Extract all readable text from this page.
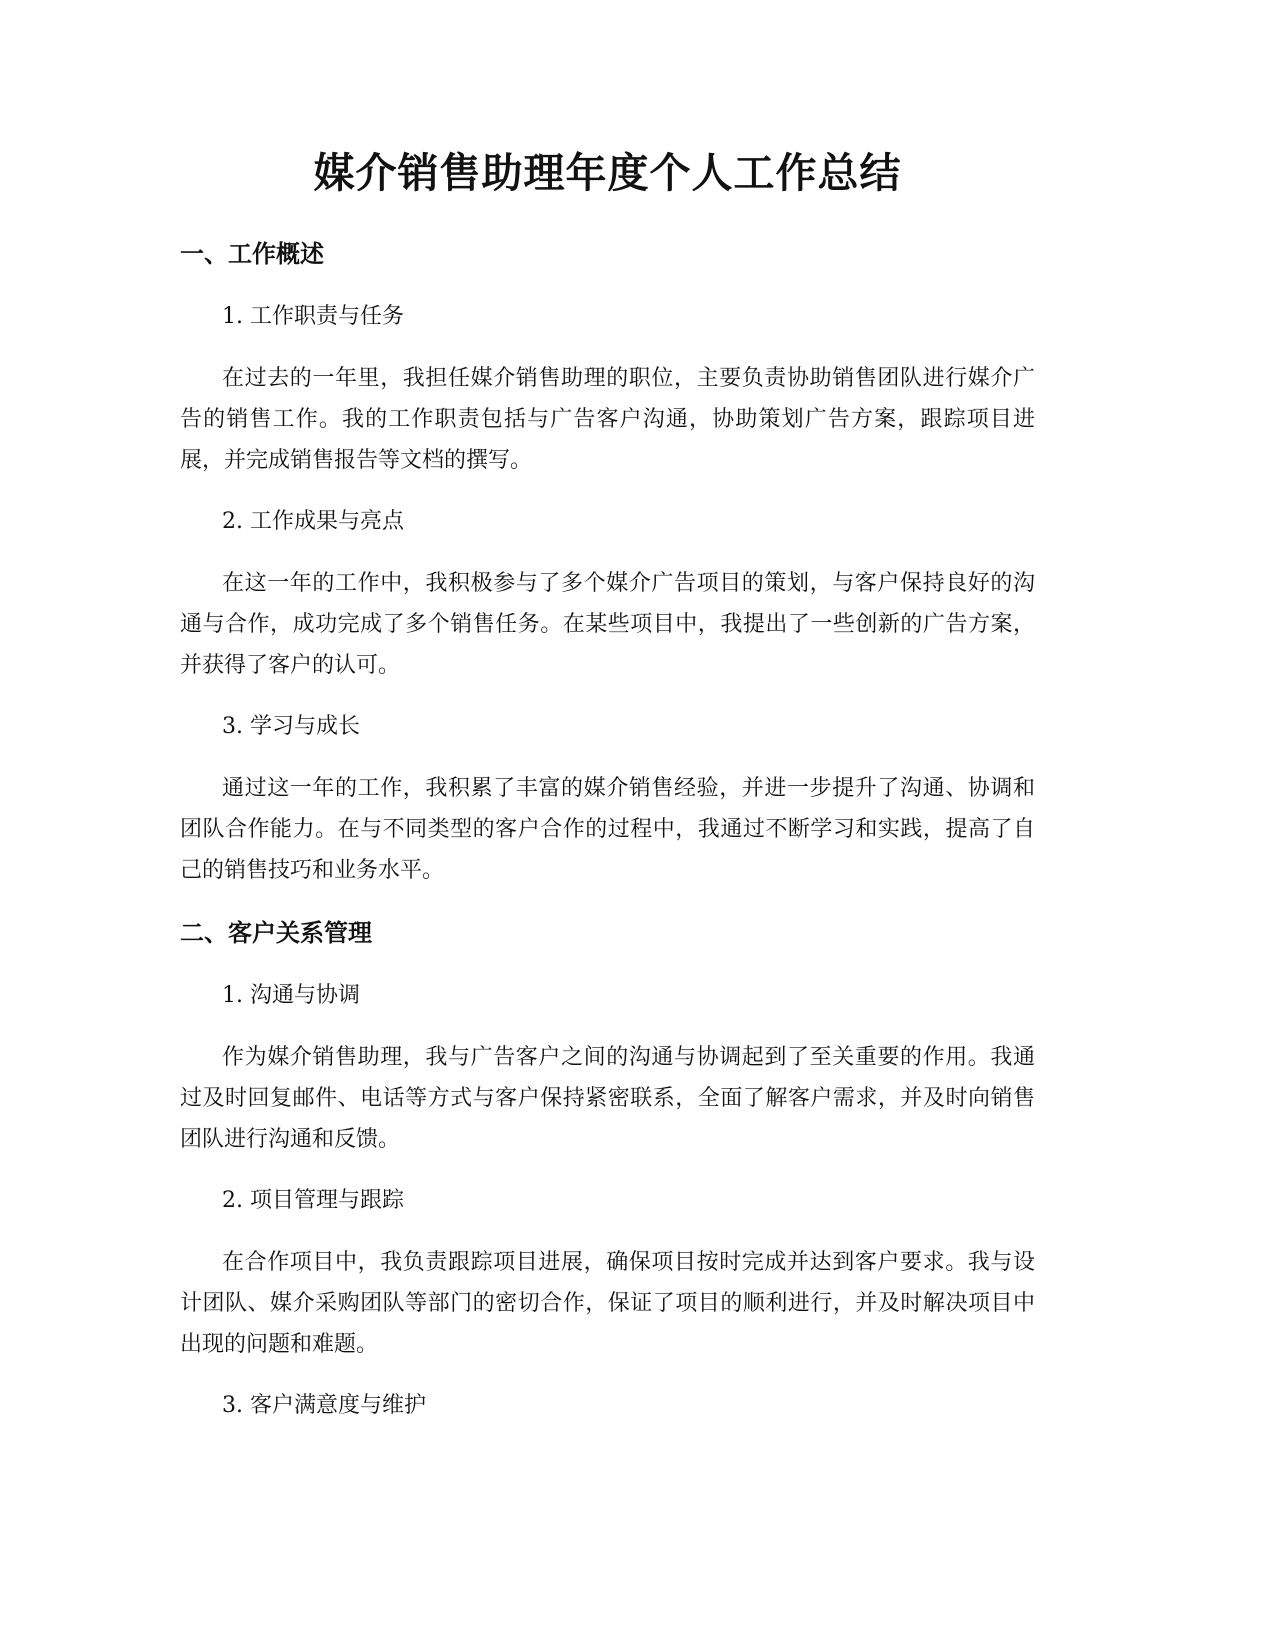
媒介销售助理年度个人工作总结
一、工作概述

1. 工作职责与任务

在过去的一年里，我担任媒介销售助理的职位，主要负责协助销售团队进行媒介广告的销售工作。我的工作职责包括与广告客户沟通，协助策划广告方案，跟踪项目进展，并完成销售报告等文档的撰写。

2. 工作成果与亮点

在这一年的工作中，我积极参与了多个媒介广告项目的策划，与客户保持良好的沟通与合作，成功完成了多个销售任务。在某些项目中，我提出了一些创新的广告方案，并获得了客户的认可。

3. 学习与成长

通过这一年的工作，我积累了丰富的媒介销售经验，并进一步提升了沟通、协调和团队合作能力。在与不同类型的客户合作的过程中，我通过不断学习和实践，提高了自己的销售技巧和业务水平。

二、客户关系管理

1. 沟通与协调

作为媒介销售助理，我与广告客户之间的沟通与协调起到了至关重要的作用。我通过及时回复邮件、电话等方式与客户保持紧密联系，全面了解客户需求，并及时向销售团队进行沟通和反馈。

2. 项目管理与跟踪

在合作项目中，我负责跟踪项目进展，确保项目按时完成并达到客户要求。我与设计团队、媒介采购团队等部门的密切合作，保证了项目的顺利进行，并及时解决项目中出现的问题和难题。

3. 客户满意度与维护
